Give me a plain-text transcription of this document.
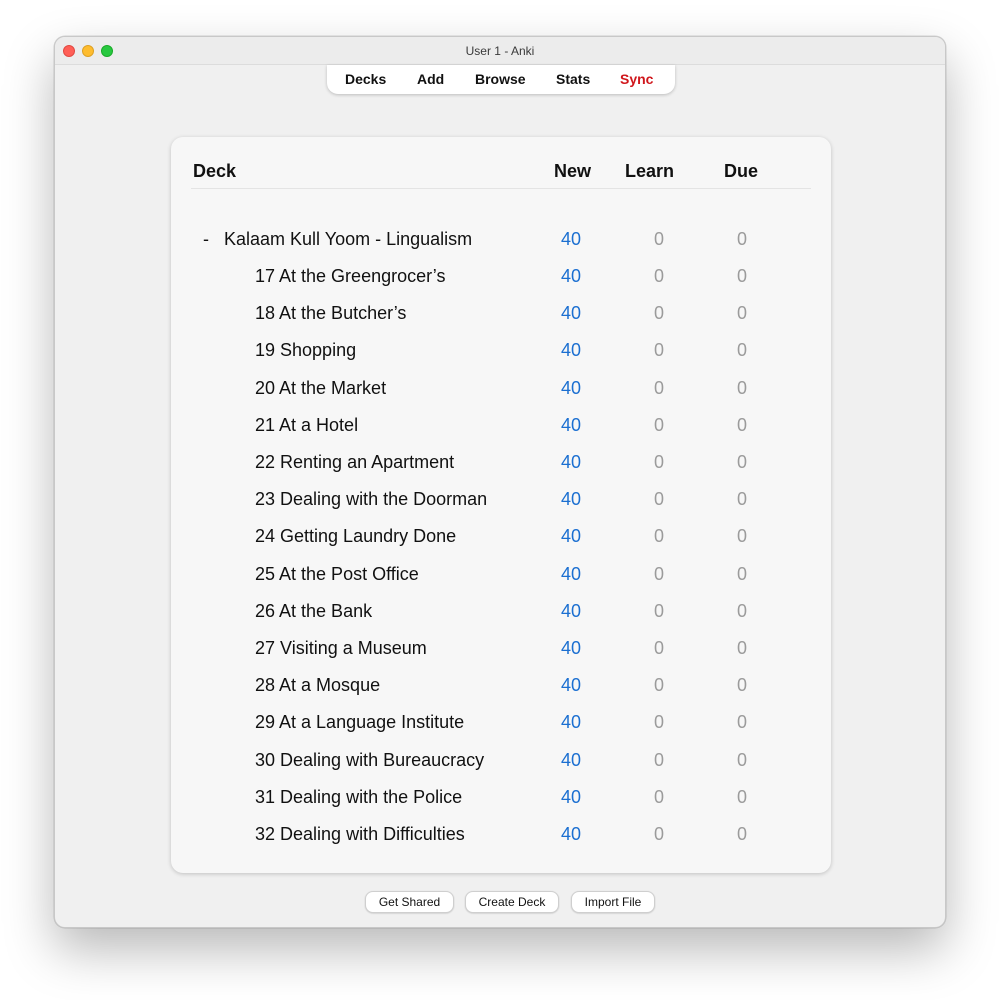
User 1 - Anki
Decks Add Browse Stats Sync
Deck	New Learn	Due
- Kalaam Kull Yoom - Lingualism	40	0	0
17 At the Greengrocer’s	40	0	0
18 At the Butcher’s	40	0	0
19 Shopping	40	0	0
20 At the Market	40	0	0
21 At a Hotel	40	0	0
22 Renting an Apartment	40	0	0
23 Dealing with the Doorman	40	0	0
24 Getting Laundry Done	40	0	0
25 At the Post Office	40	0	0
26 At the Bank	40	0	0
27 Visiting a Museum	40	0	0
28 At a Mosque	40	0	0
29 At a Language Institute	40	0	0
30 Dealing with Bureaucracy	40	0	0
31 Dealing with the Police	40	0	0
32 Dealing with Difficulties	40	0	0
Get Shared	Create Deck	Import File
